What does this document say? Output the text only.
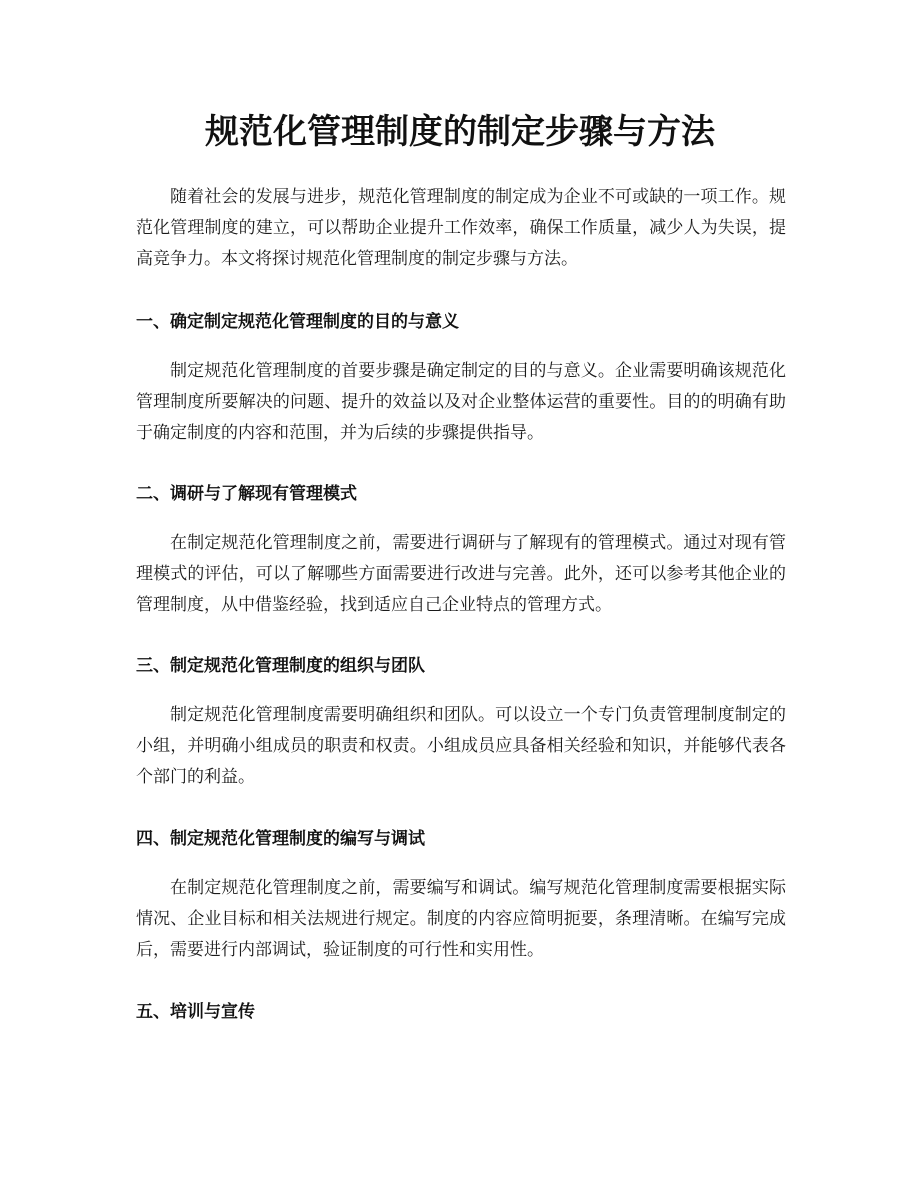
规范化管理制度的制定步骤与方法

随着社会的发展与进步，规范化管理制度的制定成为企业不可或缺的一项工作。规范化管理制度的建立，可以帮助企业提升工作效率，确保工作质量，减少人为失误，提高竞争力。本文将探讨规范化管理制度的制定步骤与方法。

一、确定制定规范化管理制度的目的与意义

制定规范化管理制度的首要步骤是确定制定的目的与意义。企业需要明确该规范化管理制度所要解决的问题、提升的效益以及对企业整体运营的重要性。目的的明确有助于确定制度的内容和范围，并为后续的步骤提供指导。

二、调研与了解现有管理模式

在制定规范化管理制度之前，需要进行调研与了解现有的管理模式。通过对现有管理模式的评估，可以了解哪些方面需要进行改进与完善。此外，还可以参考其他企业的管理制度，从中借鉴经验，找到适应自己企业特点的管理方式。

三、制定规范化管理制度的组织与团队

制定规范化管理制度需要明确组织和团队。可以设立一个专门负责管理制度制定的小组，并明确小组成员的职责和权责。小组成员应具备相关经验和知识，并能够代表各个部门的利益。

四、制定规范化管理制度的编写与调试

在制定规范化管理制度之前，需要编写和调试。编写规范化管理制度需要根据实际情况、企业目标和相关法规进行规定。制度的内容应简明扼要，条理清晰。在编写完成后，需要进行内部调试，验证制度的可行性和实用性。

五、培训与宣传
